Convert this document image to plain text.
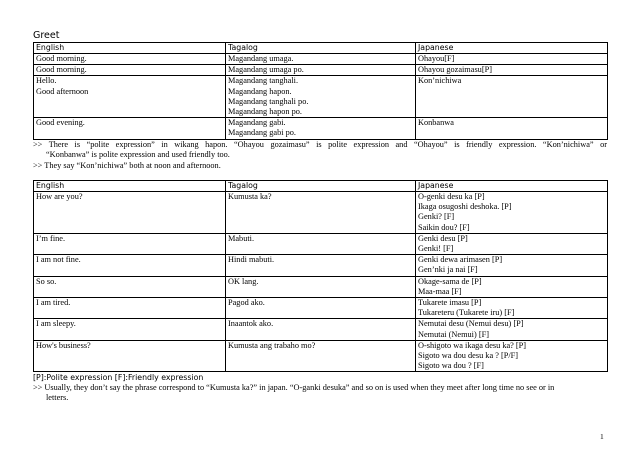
Greet
English	Tagalog	Japanese

Good morning.	Magandang umaga.	Ohayou[F]

Good morning.	Magandang umaga po.	Ohayou gozaimasu[P]

Hello.
Good afternoon	Magandang tanghali.
Magandang hapon.
Magandang tanghali po.
Magandang hapon po.	Kon’nichiwa

Good evening.	Magandang gabi.
Magandang gabi po.	Konbanwa
>> There is “polite expression” in wikang hapon. “Ohayou gozaimasu” is polite expression and “Ohayou” is friendly expression. “Kon’nichiwa” or
“Konbanwa” is polite expression and used friendly too.
>> They say “Kon’nichiwa” both at noon and afternoon.
English	Tagalog	Japanese

How are you?	Kumusta ka?	O-genki desu ka [P]
Ikaga osugoshi deshoka. [P]
Genki? [F]
Saikin dou? [F]

I’m fine.	Mabuti.	Genki desu [P]
Genki! [F]

I am not fine.	Hindi mabuti.	Genki dewa arimasen [P]
Gen’nki ja nai [F]

So so.	OK lang.	Okage-sama de [P]
Maa-maa [F]

I am tired.	Pagod ako.	Tukarete imasu [P]
Tukareteru (Tukarete iru) [F]

I am sleepy.	Inaantok ako.	Nemutai desu (Nemui desu) [P]
Nemutai (Nemui) [F]

How's business?	Kumusta ang trabaho mo?	O-shigoto wa ikaga desu ka? [P]
Sigoto wa dou desu ka ? [P/F]
Sigoto wa dou ? [F]
[P]:Polite expression [F]:Friendly expression
>> Usually, they don’t say the phrase correspond to “Kumusta ka?” in japan. “O-ganki desuka” and so on is used when they meet after long time no see or in
letters.
1
